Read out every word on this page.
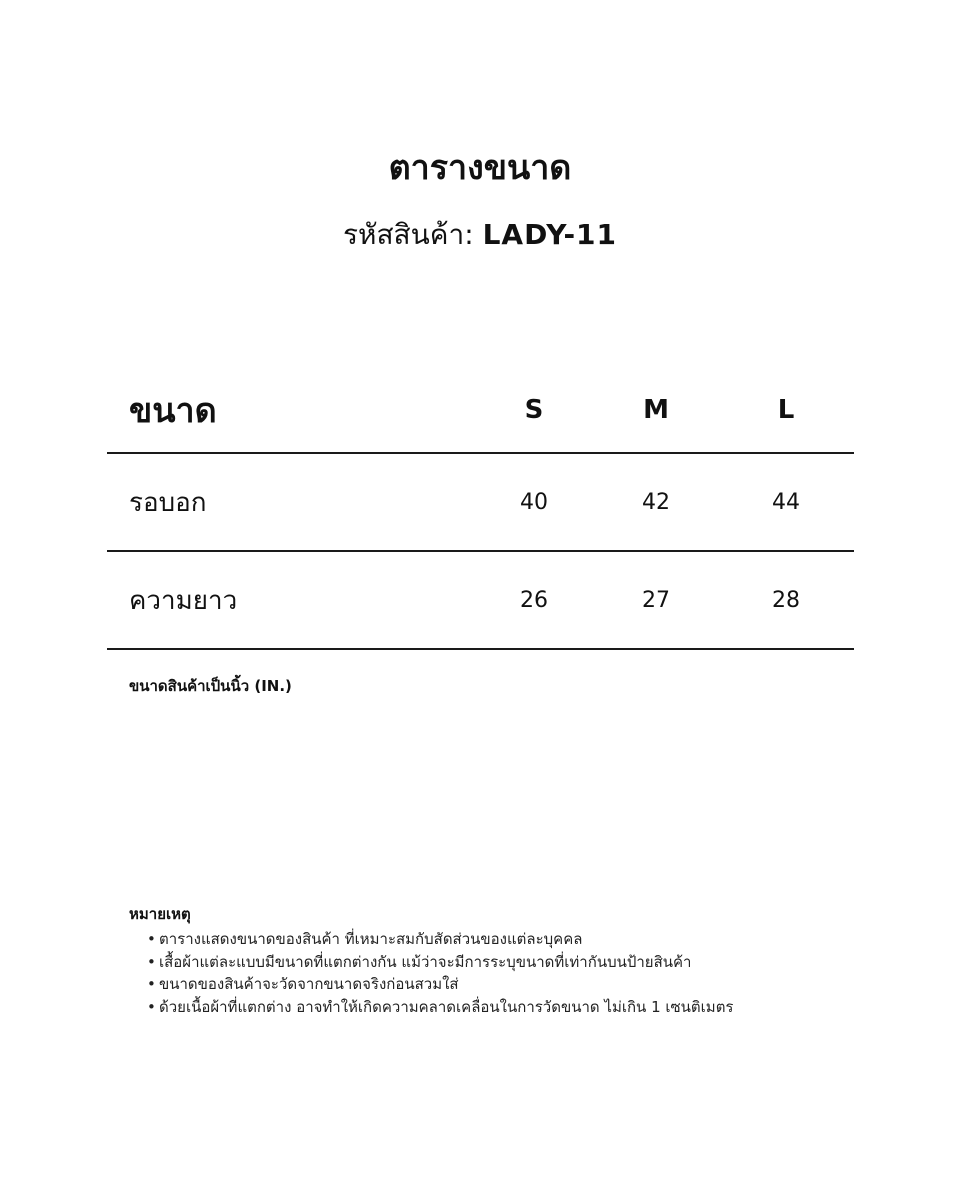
ตารางขนาด
รหัสสินค้า: LADY-11
ขนาด	S	M	L
รอบอก	40	42	44
ความยาว	26	27	28
ขนาดสินค้าเป็นนิ้ว (IN.)
หมายเหตุ
• ตารางแสดงขนาดของสินค้า ที่เหมาะสมกับสัดส่วนของแต่ละบุคคล
• เสื้อผ้าแต่ละแบบมีขนาดที่แตกต่างกัน แม้ว่าจะมีการระบุขนาดที่เท่ากันบนป้ายสินค้า
• ขนาดของสินค้าจะวัดจากขนาดจริงก่อนสวมใส่
• ด้วยเนื้อผ้าที่แตกต่าง อาจทำให้เกิดความคลาดเคลื่อนในการวัดขนาด ไม่เกิน 1 เซนติเมตร
